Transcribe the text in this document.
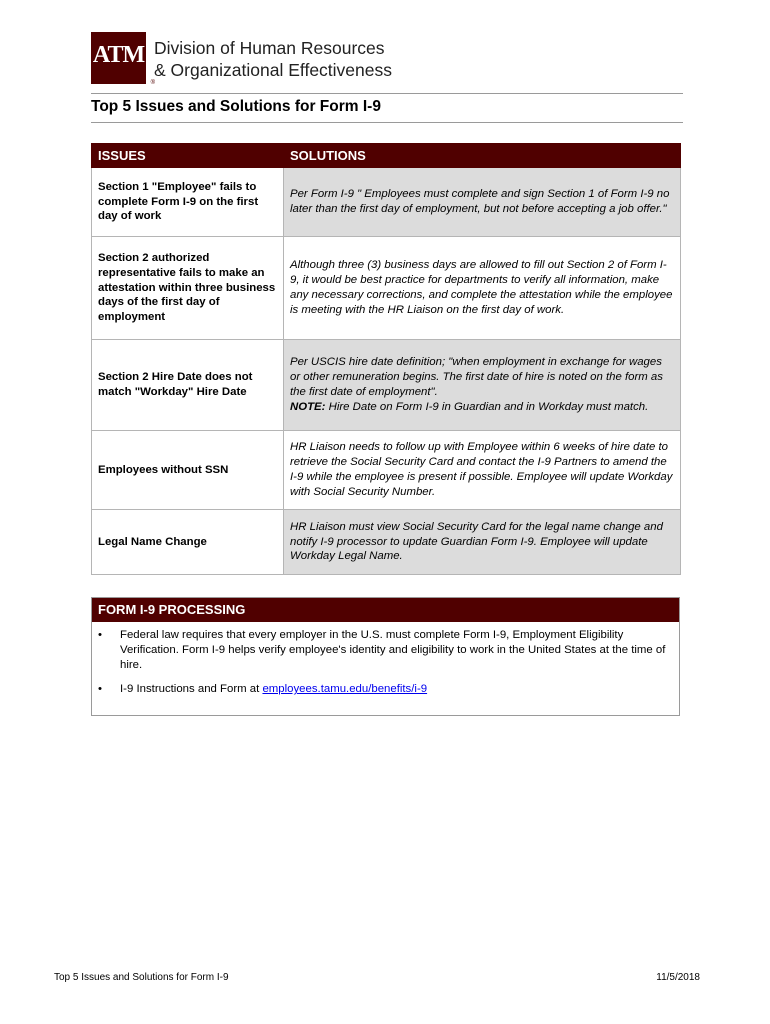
ATM
®
Division of Human Resources
& Organizational Effectiveness
Top 5 Issues and Solutions for Form I-9
ISSUES	SOLUTIONS
Section 1 "Employee" fails to complete Form I-9 on the first day of work	Per Form I-9 " Employees must complete and sign Section 1 of Form I-9 no later than the first day of employment, but not before accepting a job offer."
Section 2 authorized representative fails to make an attestation within three business days of the first day of employment	Although three (3) business days are allowed to fill out Section 2 of Form I-9, it would be best practice for departments to verify all information, make any necessary corrections, and complete the attestation while the employee is meeting with the HR Liaison on the first day of work.
Section 2 Hire Date does not match "Workday" Hire Date	Per USCIS hire date definition; "when employment in exchange for wages or other remuneration begins. The first date of hire is noted on the form as the first date of employment".
NOTE: Hire Date on Form I-9 in Guardian and in Workday must match.
Employees without SSN	HR Liaison needs to follow up with Employee within 6 weeks of hire date to retrieve the Social Security Card and contact the I-9 Partners to amend the I-9 while the employee is present if possible. Employee will update Workday with Social Security Number.
Legal Name Change	HR Liaison must view Social Security Card for the legal name change and notify I-9 processor to update Guardian Form I-9. Employee will update Workday Legal Name.
FORM I-9 PROCESSING
• Federal law requires that every employer in the U.S. must complete Form I-9, Employment Eligibility Verification. Form I-9 helps verify employee's identity and eligibility to work in the United States at the time of hire.
• I-9 Instructions and Form at employees.tamu.edu/benefits/i-9
Top 5 Issues and Solutions for Form I-9	11/5/2018
